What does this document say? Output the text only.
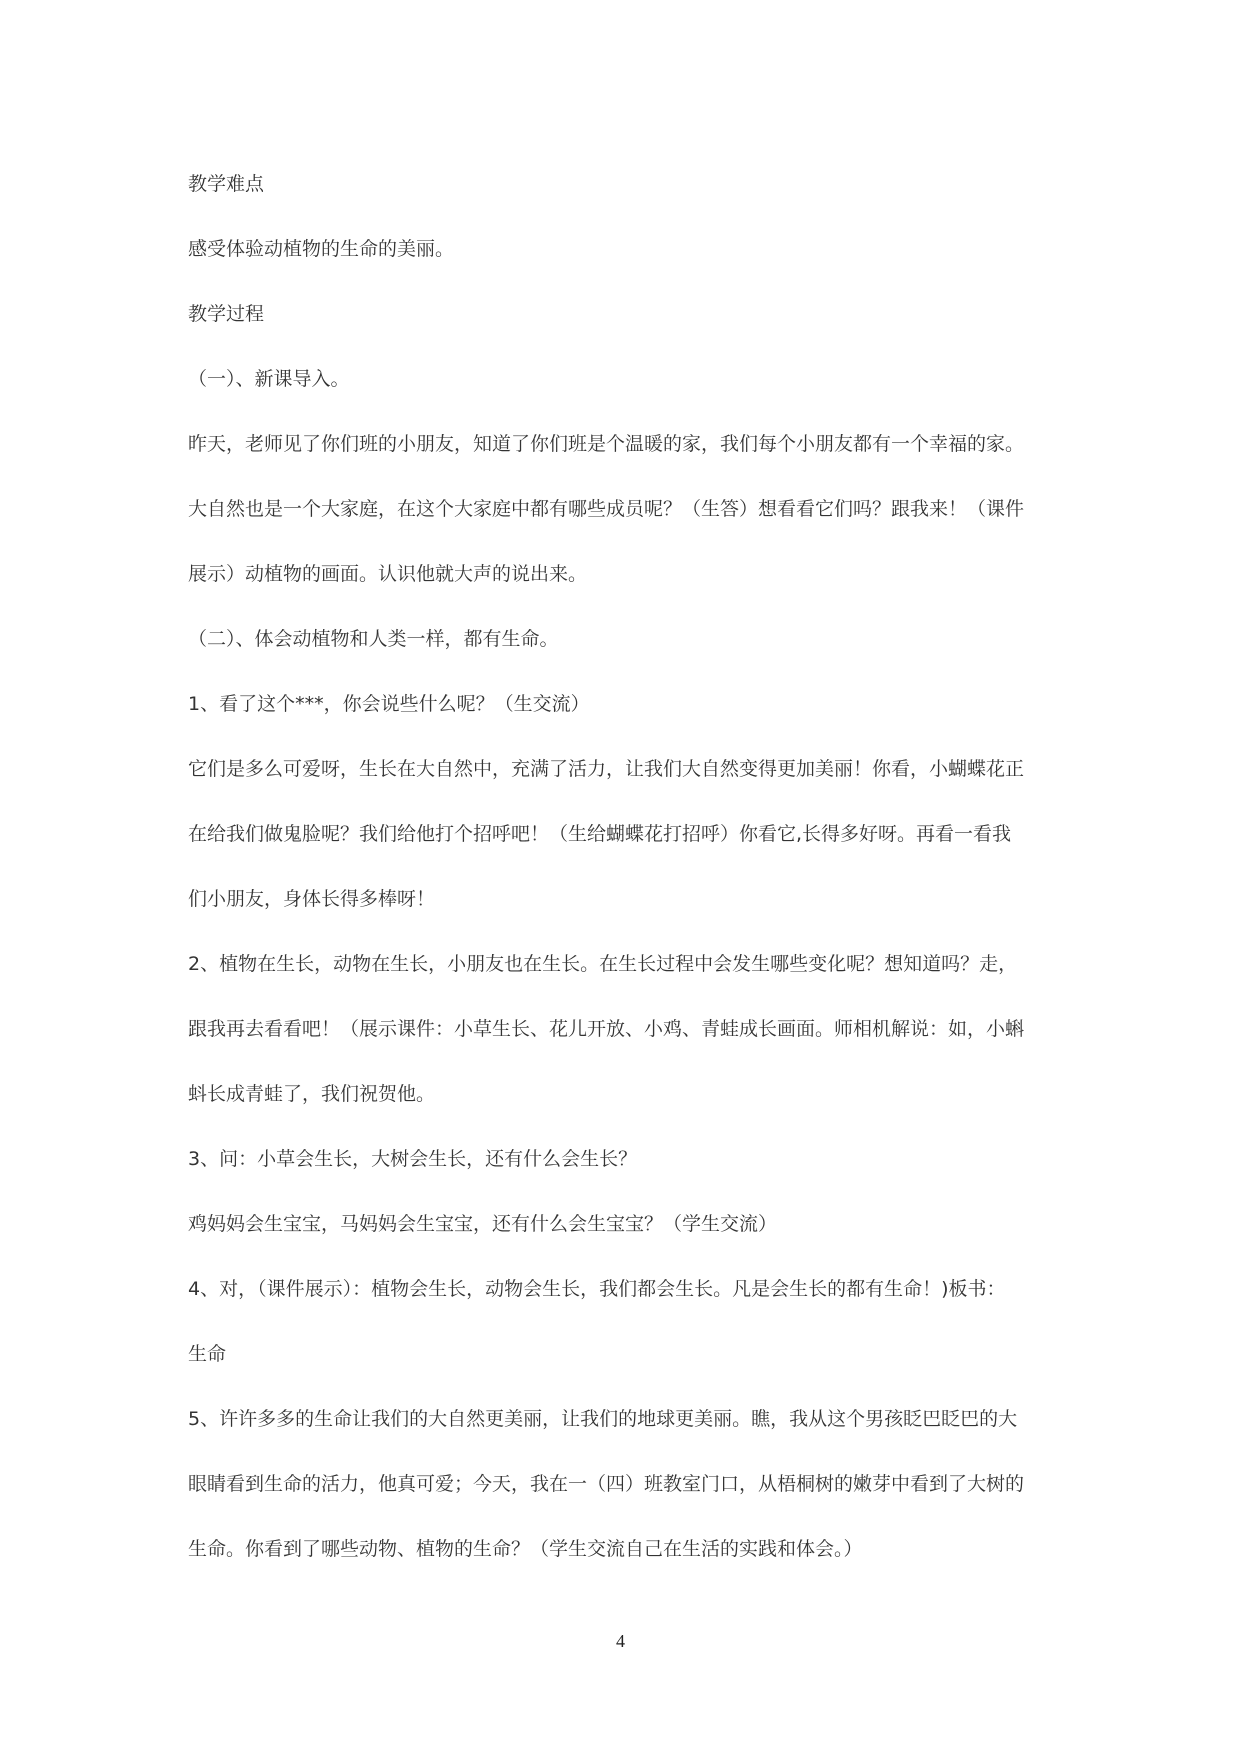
教学难点
感受体验动植物的生命的美丽。
教学过程
（一）、新课导入。
昨天，老师见了你们班的小朋友，知道了你们班是个温暖的家，我们每个小朋友都有一个幸福的家。
大自然也是一个大家庭，在这个大家庭中都有哪些成员呢？（生答）想看看它们吗？跟我来！（课件
展示）动植物的画面。认识他就大声的说出来。
（二）、体会动植物和人类一样，都有生命。
1、看了这个***，你会说些什么呢？（生交流）
它们是多么可爱呀，生长在大自然中，充满了活力，让我们大自然变得更加美丽！你看，小蝴蝶花正
在给我们做鬼脸呢？我们给他打个招呼吧！（生给蝴蝶花打招呼）你看它,长得多好呀。再看一看我
们小朋友，身体长得多棒呀！
2、植物在生长，动物在生长，小朋友也在生长。在生长过程中会发生哪些变化呢？想知道吗？走，
跟我再去看看吧！（展示课件：小草生长、花儿开放、小鸡、青蛙成长画面。师相机解说：如，小蝌
蚪长成青蛙了，我们祝贺他。
3、问：小草会生长，大树会生长，还有什么会生长？
鸡妈妈会生宝宝，马妈妈会生宝宝，还有什么会生宝宝？（学生交流）
4、对，（课件展示）：植物会生长，动物会生长，我们都会生长。凡是会生长的都有生命！)板书：
生命
5、许许多多的生命让我们的大自然更美丽，让我们的地球更美丽。瞧，我从这个男孩眨巴眨巴的大
眼睛看到生命的活力，他真可爱；今天，我在一（四）班教室门口，从梧桐树的嫩芽中看到了大树的
生命。你看到了哪些动物、植物的生命？（学生交流自己在生活的实践和体会。）
4
